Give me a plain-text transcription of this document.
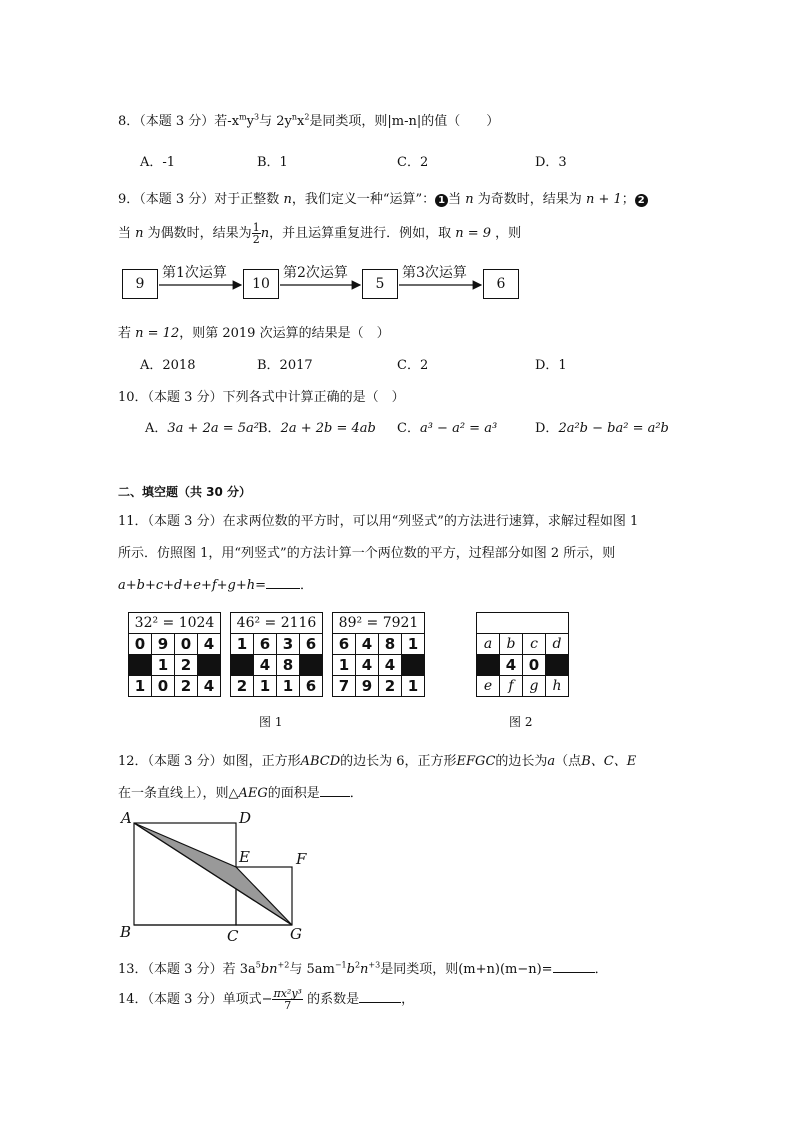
8．（本题 3 分）若$-x^my^3$与 $2y^nx^2$是同类项，则|m-n|的值（　　）
A．-1	B．1	C．2	D．3
9．（本题 3 分）对于正整数 n，我们定义一种“运算”： 1 当 n 为奇数时，结果为 n + 1； 2
当 n 为偶数时，结果为 $\frac{1}{2}$ n，并且运算重复进行．例如，取 n = 9 ，则
9	10	5	6
第1次运算	第2次运算	第3次运算
若 n = 12，则第 2019 次运算的结果是（　）
A．2018	B．2017	C．2	D．1
10．（本题 3 分）下列各式中计算正确的是（　）
A．3a + 2a = 5a² B．2a + 2b = 4ab C．a³ − a² = a³	D．2a²b − ba² = a²b
二、填空题（共 30 分）
11．（本题 3 分）在求两位数的平方时，可以用“列竖式”的方法进行速算，求解过程如图 1
所示．仿照图 1，用“列竖式”的方法计算一个两位数的平方，过程部分如图 2 所示，则
a+b+c+d+e+f+g+h=	．
32² = 1024			
0	9	0	4
	1	2	
1	0	2	4
46² = 2116			
1	6	3	6
	4	8	
2	1	1	6
89² = 7921			
6	4	8	1
1	4	4	
7	9	2	1
图 1

a	b	c	d
	4	0	
e	f	g	h
图 2
12．（本题 3 分）如图，正方形ABCD的边长为 6，正方形EFGC的边长为a（点B、C、E
在一条直线上），则△AEG的面积是 ．
A	D
E	F
B	C	G
13．（本题 3 分）若 $3a^5bn^{+2}$与 $5am^{-1}b^2n^{+3}$是同类项，则(m+n)(m−n)=	．
14．（本题 3 分）单项式− $\frac{\text{πx²y³}}{7}$ 的系数是	，
